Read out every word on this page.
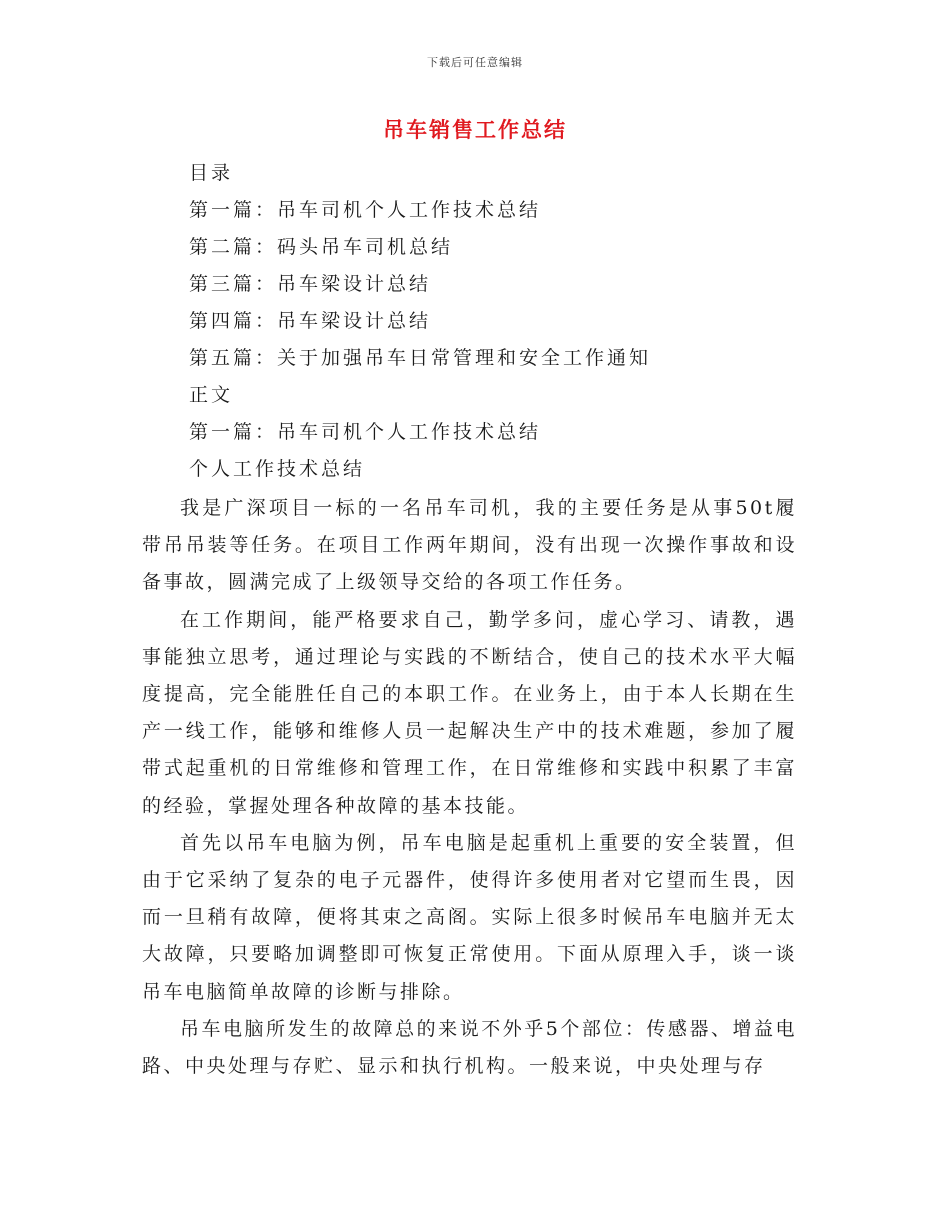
下载后可任意编辑
吊车销售工作总结
目录
第一篇：吊车司机个人工作技术总结
第二篇：码头吊车司机总结
第三篇：吊车梁设计总结
第四篇：吊车梁设计总结
第五篇：关于加强吊车日常管理和安全工作通知
正文
第一篇：吊车司机个人工作技术总结
个人工作技术总结

我是广深项目一标的一名吊车司机，我的主要任务是从事50t履带吊吊装等任务。在项目工作两年期间，没有出现一次操作事故和设备事故，圆满完成了上级领导交给的各项工作任务。

在工作期间，能严格要求自己，勤学多问，虚心学习、请教，遇事能独立思考，通过理论与实践的不断结合，使自己的技术水平大幅度提高，完全能胜任自己的本职工作。在业务上，由于本人长期在生产一线工作，能够和维修人员一起解决生产中的技术难题，参加了履带式起重机的日常维修和管理工作，在日常维修和实践中积累了丰富的经验，掌握处理各种故障的基本技能。

首先以吊车电脑为例，吊车电脑是起重机上重要的安全装置，但由于它采纳了复杂的电子元器件，使得许多使用者对它望而生畏，因而一旦稍有故障，便将其束之高阁。实际上很多时候吊车电脑并无太大故障，只要略加调整即可恢复正常使用。下面从原理入手，谈一谈吊车电脑简单故障的诊断与排除。

吊车电脑所发生的故障总的来说不外乎5个部位：传感器、增益电路、中央处理与存贮、显示和执行机构。一般来说，中央处理与存
